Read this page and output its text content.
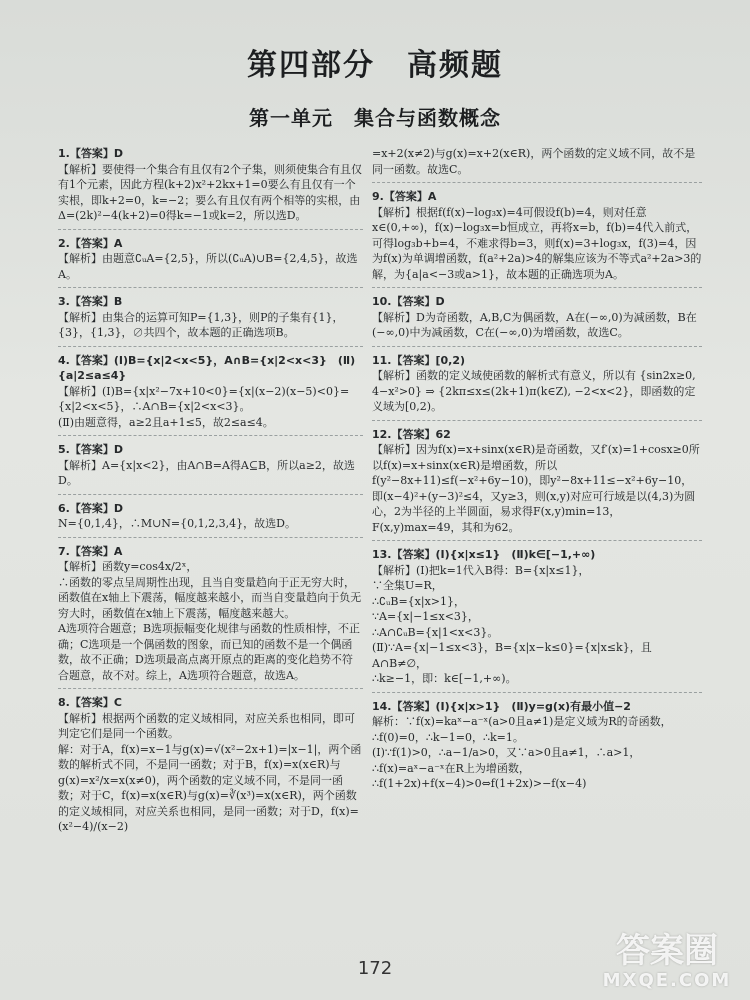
第四部分　高频题
第一单元　集合与函数概念
1.【答案】D
【解析】要使得一个集合有且仅有2个子集，则须使集合有且仅有1个元素，因此方程(k+2)x²+2kx+1=0要么有且仅有一个实根，即k+2=0，k=−2；要么有且仅有两个相等的实根，由Δ=(2k)²−4(k+2)=0得k=−1或k=2，所以选D。
2.【答案】A
【解析】由题意∁ᵤA={2,5}，所以(∁ᵤA)∪B={2,4,5}，故选A。
3.【答案】B
【解析】由集合的运算可知P={1,3}，则P的子集有{1}，{3}，{1,3}，∅共四个，故本题的正确选项B。
4.【答案】(Ⅰ)B={x|2<x<5}，A∩B={x|2<x<3}　(Ⅱ){a|2≤a≤4}
【解析】(Ⅰ)B={x|x²−7x+10<0}={x|(x−2)(x−5)<0}={x|2<x<5}，∴A∩B={x|2<x<3}。
(Ⅱ)由题意得，a≥2且a+1≤5，故2≤a≤4。
5.【答案】D
【解析】A={x|x<2}，由A∩B=A得A⊆B，所以a≥2，故选D。
6.【答案】D
N={0,1,4}，∴M∪N={0,1,2,3,4}，故选D。
7.【答案】A
【解析】函数y=cos4x/2ˣ，
∴函数的零点呈周期性出现，且当自变量趋向于正无穷大时，函数值在x轴上下震荡，幅度越来越小，而当自变量趋向于负无穷大时，函数值在x轴上下震荡，幅度越来越大。
A选项符合题意；B选项振幅变化规律与函数的性质相悖，不正确；C选项是一个偶函数的图象，而已知的函数不是一个偶函数，故不正确；D选项最高点离开原点的距离的变化趋势不符合题意，故不对。综上，A选项符合题意，故选A。
8.【答案】C
【解析】根据两个函数的定义域相同，对应关系也相同，即可判定它们是同一个函数。
解：对于A，f(x)=x−1与g(x)=√(x²−2x+1)=|x−1|，两个函数的解析式不同，不是同一函数；对于B，f(x)=x(x∈R)与g(x)=x²/x=x(x≠0)，两个函数的定义域不同，不是同一函数；对于C，f(x)=x(x∈R)与g(x)=∛(x³)=x(x∈R)，两个函数的定义域相同，对应关系也相同，是同一函数；对于D，f(x)=(x²−4)/(x−2)
=x+2(x≠2)与g(x)=x+2(x∈R)，两个函数的定义域不同，故不是同一函数。故选C。
9.【答案】A
【解析】根据f(f(x)−log₃x)=4可假设f(b)=4，则对任意x∈(0,+∞)，f(x)−log₃x=b恒成立，再将x=b，f(b)=4代入前式，可得log₃b+b=4，不难求得b=3，则f(x)=3+log₃x，f(3)=4，因为f(x)为单调增函数，f(a²+2a)>4的解集应该为不等式a²+2a>3的解，为{a|a<−3或a>1}，故本题的正确选项为A。
10.【答案】D
【解析】D为奇函数，A,B,C为偶函数，A在(−∞,0)为减函数，B在(−∞,0)中为减函数，C在(−∞,0)为增函数，故选C。
11.【答案】[0,2)
【解析】函数的定义域使函数的解析式有意义，所以有 {sin2x≥0, 4−x²>0} ⇒ {2kπ≤x≤(2k+1)π(k∈Z), −2<x<2}，即函数的定义域为[0,2)。
12.【答案】62
【解析】因为f(x)=x+sinx(x∈R)是奇函数，又f′(x)=1+cosx≥0所以f(x)=x+sinx(x∈R)是增函数，所以f(y²−8x+11)≤f(−x²+6y−10)，即y²−8x+11≤−x²+6y−10，即(x−4)²+(y−3)²≤4，又y≥3，则(x,y)对应可行域是以(4,3)为圆心，2为半径的上半圆面，易求得F(x,y)min=13，F(x,y)max=49，其和为62。
13.【答案】(Ⅰ){x|x≤1}　(Ⅱ)k∈[−1,+∞)
【解析】(Ⅰ)把k=1代入B得：B={x|x≤1}，
∵全集U=R，
∴∁ᵤB={x|x>1}，
∵A={x|−1≤x<3}，
∴A∩∁ᵤB={x|1<x<3}。
(Ⅱ)∵A={x|−1≤x<3}，B={x|x−k≤0}={x|x≤k}，且A∩B≠∅，
∴k≥−1，即：k∈[−1,+∞)。
14.【答案】(Ⅰ){x|x>1}　(Ⅱ)y=g(x)有最小值−2
解析：∵f(x)=kaˣ−a⁻ˣ(a>0且a≠1)是定义域为R的奇函数，
∴f(0)=0，∴k−1=0，∴k=1。
(Ⅰ)∵f(1)>0，∴a−1/a>0，又∵a>0且a≠1，∴a>1，
∴f(x)=aˣ−a⁻ˣ在R上为增函数，
∴f(1+2x)+f(x−4)>0⇔f(1+2x)>−f(x−4)
172	答案圈
MXQE.COM
